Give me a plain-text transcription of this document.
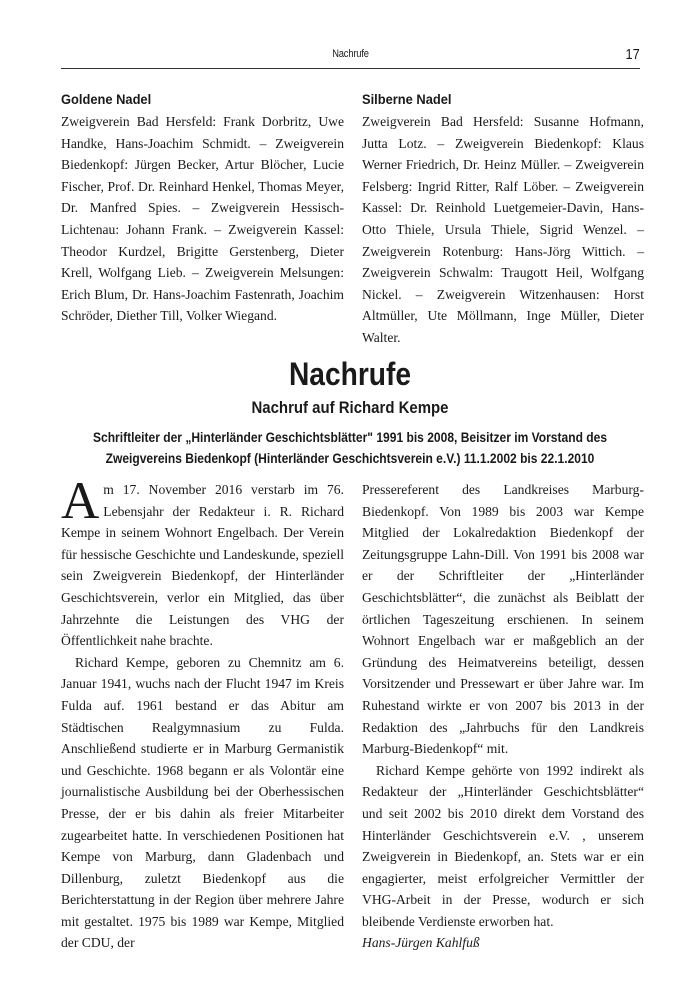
Nachrufe	17
Goldene Nadel

Zweigverein Bad Hersfeld: Frank Dorbritz, Uwe Handke, Hans-Joachim Schmidt. – Zweigverein Biedenkopf: Jürgen Becker, Artur Blöcher, Lucie Fischer, Prof. Dr. Reinhard Henkel, Thomas Meyer, Dr. Manfred Spies. – Zweigverein Hessisch-Lichtenau: Johann Frank. – Zweigverein Kassel: Theodor Kurdzel, Brigitte Gerstenberg, Dieter Krell, Wolfgang Lieb. – Zweigverein Melsungen: Erich Blum, Dr. Hans-Joachim Fastenrath, Joachim Schröder, Diether Till, Volker Wiegand.

Silberne Nadel

Zweigverein Bad Hersfeld: Susanne Hofmann, Jutta Lotz. – Zweigverein Biedenkopf: Klaus Werner Friedrich, Dr. Heinz Müller. – Zweigverein Felsberg: Ingrid Ritter, Ralf Löber. – Zweigverein Kassel: Dr. Reinhold Luetgemeier-Davin, Hans-Otto Thiele, Ursula Thiele, Sigrid Wenzel. – Zweigverein Rotenburg: Hans-Jörg Wittich. – Zweigverein Schwalm: Traugott Heil, Wolfgang Nickel. – Zweigverein Witzenhausen: Horst Altmüller, Ute Möllmann, Inge Müller, Dieter Walter.

Nachrufe
Nachruf auf Richard Kempe

Schriftleiter der „Hinterländer Geschichtsblätter" 1991 bis 2008, Beisitzer im Vorstand des Zweigvereins Biedenkopf (Hinterländer Geschichtsverein e.V.) 11.1.2002 bis 22.1.2010

Am 17. November 2016 verstarb im 76. Lebensjahr der Redakteur i. R. Richard Kempe in seinem Wohnort Engelbach. Der Verein für hessische Geschichte und Landeskunde, speziell sein Zweigverein Biedenkopf, der Hinterländer Geschichtsverein, verlor ein Mitglied, das über Jahrzehnte die Leistungen des VHG der Öffentlichkeit nahe brachte.

Richard Kempe, geboren zu Chemnitz am 6. Januar 1941, wuchs nach der Flucht 1947 im Kreis Fulda auf. 1961 bestand er das Abitur am Städtischen Realgymnasium zu Fulda. Anschließend studierte er in Marburg Germanistik und Geschichte. 1968 begann er als Volontär eine journalistische Ausbildung bei der Oberhessischen Presse, der er bis dahin als freier Mitarbeiter zugearbeitet hatte. In verschiedenen Positionen hat Kempe von Marburg, dann Gladenbach und Dillenburg, zuletzt Biedenkopf aus die Berichterstattung in der Region über mehrere Jahre mit gestaltet. 1975 bis 1989 war Kempe, Mitglied der CDU, der

Pressereferent des Landkreises Marburg-Biedenkopf. Von 1989 bis 2003 war Kempe Mitglied der Lokalredaktion Biedenkopf der Zeitungsgruppe Lahn-Dill. Von 1991 bis 2008 war er der Schriftleiter der „Hinterländer Geschichtsblätter“, die zunächst als Beiblatt der örtlichen Tageszeitung erschienen. In seinem Wohnort Engelbach war er maßgeblich an der Gründung des Heimatvereins beteiligt, dessen Vorsitzender und Pressewart er über Jahre war. Im Ruhestand wirkte er von 2007 bis 2013 in der Redaktion des „Jahrbuchs für den Landkreis Marburg-Biedenkopf“ mit.

Richard Kempe gehörte von 1992 indirekt als Redakteur der „Hinterländer Geschichtsblätter“ und seit 2002 bis 2010 direkt dem Vorstand des Hinterländer Geschichtsverein e.V. , unserem Zweigverein in Biedenkopf, an. Stets war er ein engagierter, meist erfolgreicher Vermittler der VHG-Arbeit in der Presse, wodurch er sich bleibende Verdienste erworben hat.

Hans-Jürgen Kahlfuß
